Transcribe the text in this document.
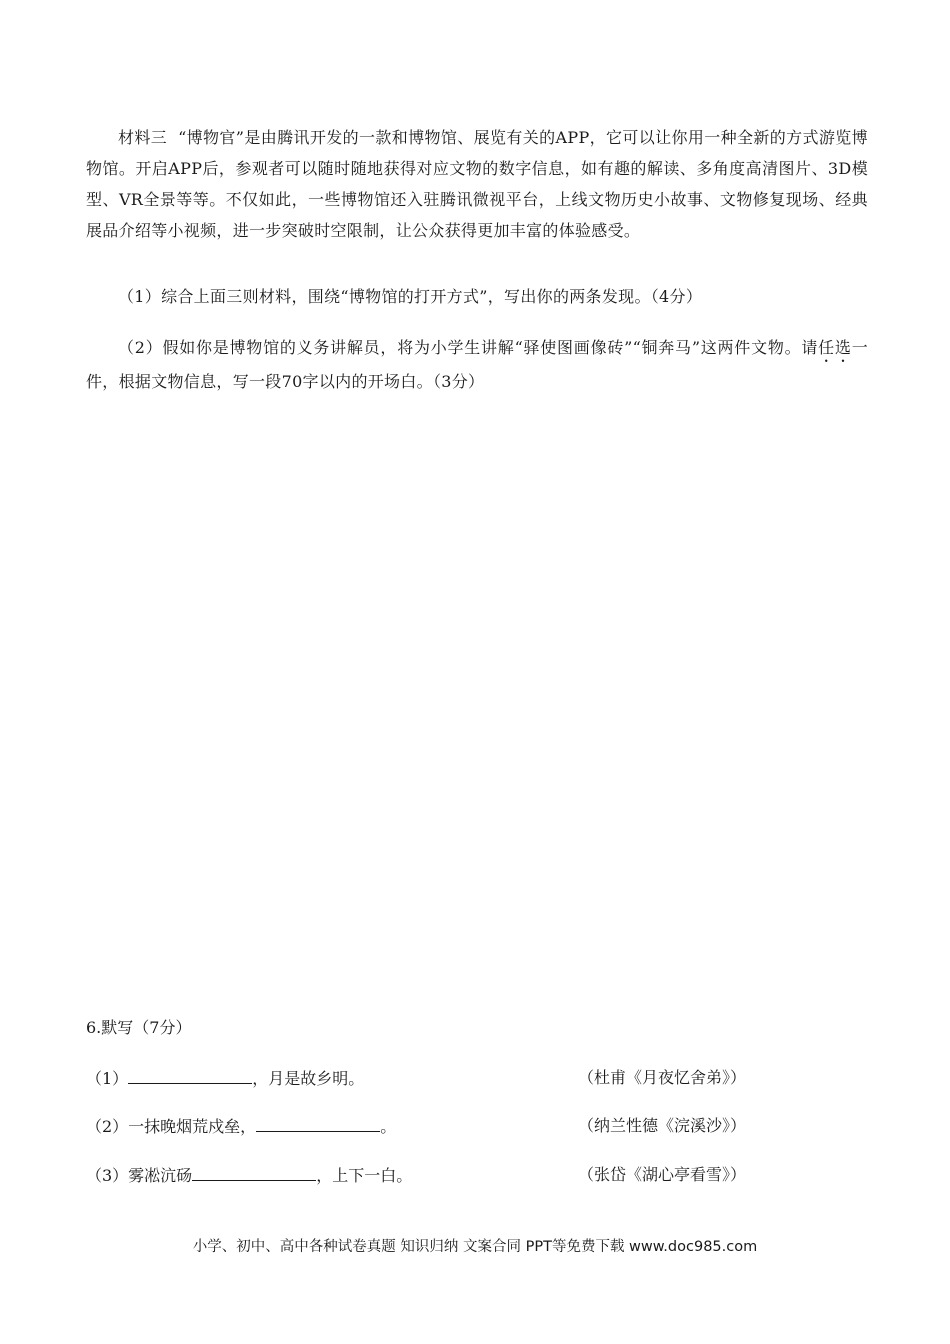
材料三 “博物官”是由腾讯开发的一款和博物馆、展览有关的APP，它可以让你用一种全新的方式游览博物馆。开启APP后，参观者可以随时随地获得对应文物的数字信息，如有趣的解读、多角度高清图片、3D模型、VR全景等等。不仅如此，一些博物馆还入驻腾讯微视平台，上线文物历史小故事、文物修复现场、经典展品介绍等小视频，进一步突破时空限制，让公众获得更加丰富的体验感受。
（1）综合上面三则材料，围绕“博物馆的打开方式”，写出你的两条发现。（4分）
（2）假如你是博物馆的义务讲解员，将为小学生讲解“驿使图画像砖”“铜奔马”这两件文物。请任选一件，根据文物信息，写一段70字以内的开场白。（3分）
6.默写（7分）
（1）	，月是故乡明。	（杜甫《月夜忆舍弟》）
（2）一抹晚烟荒戍垒，	。	（纳兰性德《浣溪沙》）
（3）雾凇沆砀	，上下一白。	（张岱《湖心亭看雪》）
小学、初中、高中各种试卷真题 知识归纳 文案合同 PPT等免费下载 www.doc985.com
